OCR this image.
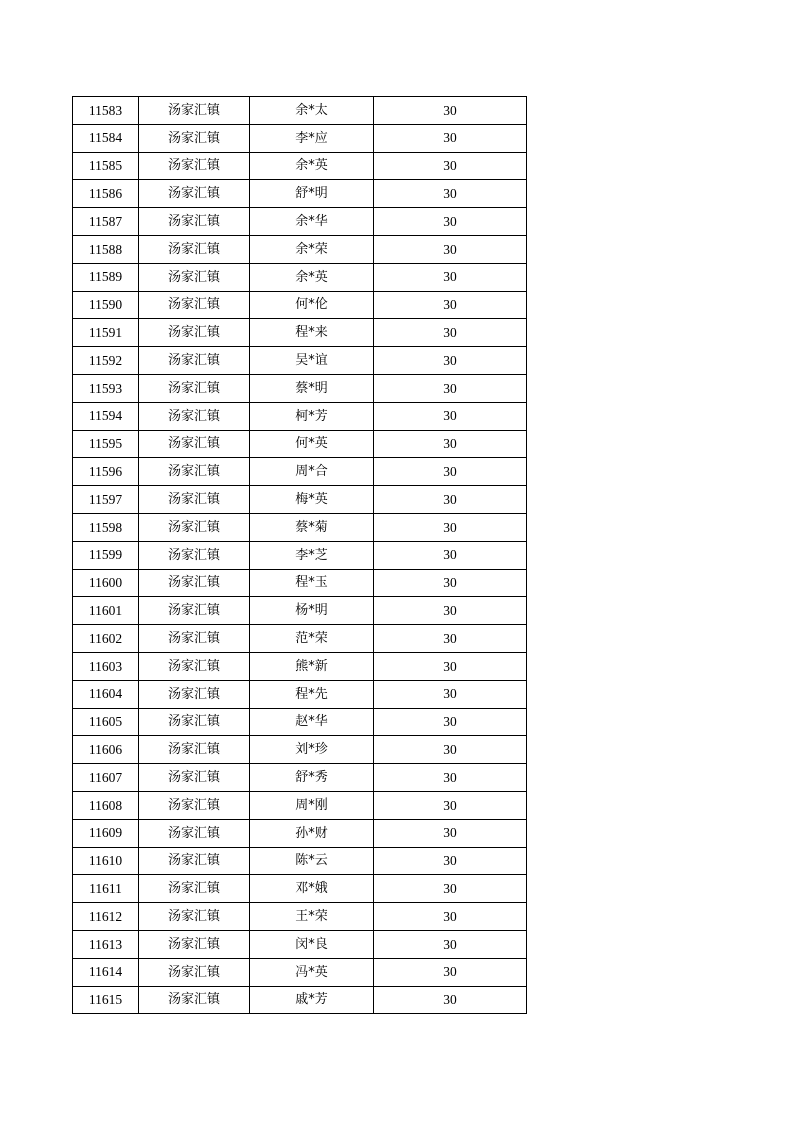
11583	汤家汇镇	余*太	30
11584	汤家汇镇	李*应	30
11585	汤家汇镇	余*英	30
11586	汤家汇镇	舒*明	30
11587	汤家汇镇	余*华	30
11588	汤家汇镇	余*荣	30
11589	汤家汇镇	余*英	30
11590	汤家汇镇	何*伦	30
11591	汤家汇镇	程*来	30
11592	汤家汇镇	吴*谊	30
11593	汤家汇镇	蔡*明	30
11594	汤家汇镇	柯*芳	30
11595	汤家汇镇	何*英	30
11596	汤家汇镇	周*合	30
11597	汤家汇镇	梅*英	30
11598	汤家汇镇	蔡*菊	30
11599	汤家汇镇	李*芝	30
11600	汤家汇镇	程*玉	30
11601	汤家汇镇	杨*明	30
11602	汤家汇镇	范*荣	30
11603	汤家汇镇	熊*新	30
11604	汤家汇镇	程*先	30
11605	汤家汇镇	赵*华	30
11606	汤家汇镇	刘*珍	30
11607	汤家汇镇	舒*秀	30
11608	汤家汇镇	周*刚	30
11609	汤家汇镇	孙*财	30
11610	汤家汇镇	陈*云	30
11611	汤家汇镇	邓*娥	30
11612	汤家汇镇	王*荣	30
11613	汤家汇镇	闵*良	30
11614	汤家汇镇	冯*英	30
11615	汤家汇镇	戚*芳	30
